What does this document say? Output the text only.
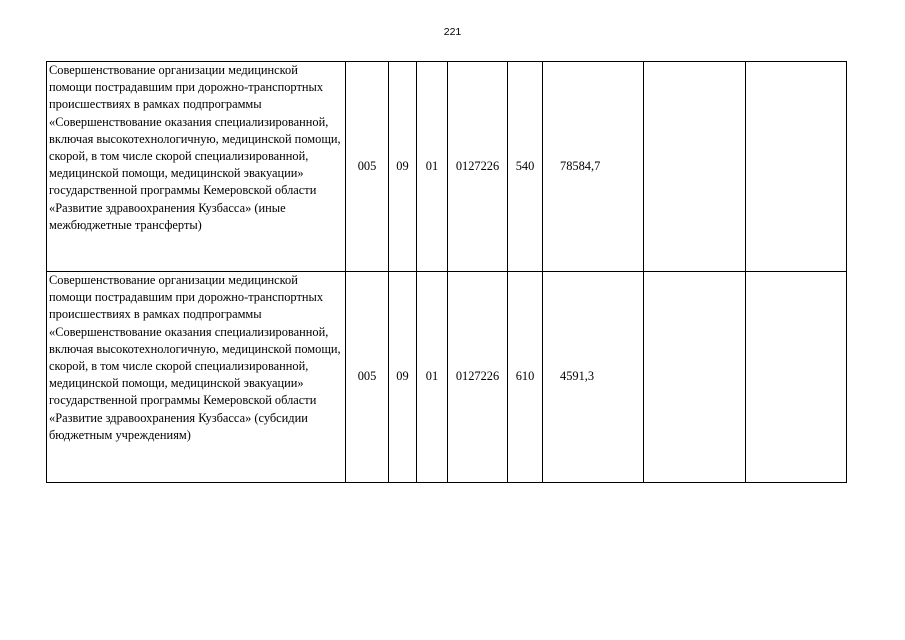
221
Совершенствование организации медицинской помощи пострадавшим при дорожно-транспортных происшествиях в рамках подпрограммы «Совершенствование оказания специализированной, включая высокотехнологичную, медицинской помощи, скорой, в том числе скорой специализированной, медицинской помощи, медицинской эвакуации» государственной программы Кемеровской области «Развитие здравоохранения Кузбасса» (иные межбюджетные трансферты)	005	09	01	0127226	540	78584,7		
Совершенствование организации медицинской помощи пострадавшим при дорожно-транспортных происшествиях в рамках подпрограммы «Совершенствование оказания специализированной, включая высокотехнологичную, медицинской помощи, скорой, в том числе скорой специализированной, медицинской помощи, медицинской эвакуации» государственной программы Кемеровской области «Развитие здравоохранения Кузбасса» (субсидии бюджетным учреждениям)	005	09	01	0127226	610	4591,3		
